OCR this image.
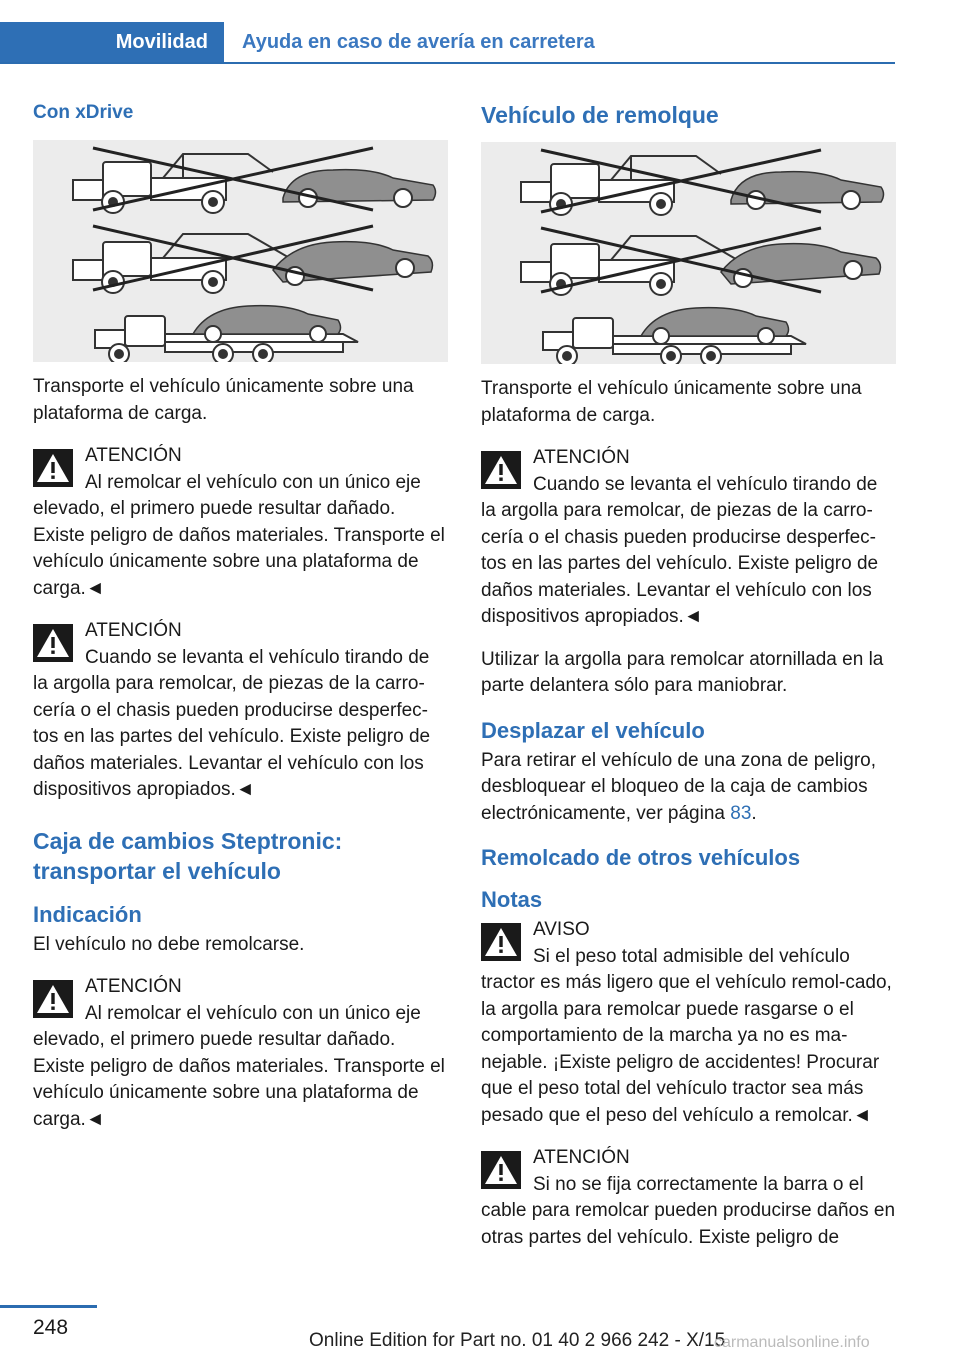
Movilidad	Ayuda en caso de avería en carretera
Con xDrive

Transporte el vehículo únicamente sobre una plataforma de carga.

ATENCIÓN
Al remolcar el vehículo con un único eje
elevado, el primero puede resultar dañado. Existe peligro de daños materiales. Transporte el vehículo únicamente sobre una plataforma de carga.◄
ATENCIÓN
Cuando se levanta el vehículo tirando de
la argolla para remolcar, de piezas de la carro-cería o el chasis pueden producirse desperfec-tos en las partes del vehículo. Existe peligro de daños materiales. Levantar el vehículo con los dispositivos apropiados.◄
Caja de cambios Steptronic: transportar el vehículo
Indicación

El vehículo no debe remolcarse.

ATENCIÓN
Al remolcar el vehículo con un único eje
elevado, el primero puede resultar dañado. Existe peligro de daños materiales. Transporte el vehículo únicamente sobre una plataforma de carga.◄
Vehículo de remolque

Transporte el vehículo únicamente sobre una plataforma de carga.

ATENCIÓN
Cuando se levanta el vehículo tirando de
la argolla para remolcar, de piezas de la carro-cería o el chasis pueden producirse desperfec-tos en las partes del vehículo. Existe peligro de daños materiales. Levantar el vehículo con los dispositivos apropiados.◄

Utilizar la argolla para remolcar atornillada en la parte delantera sólo para maniobrar.

Desplazar el vehículo

Para retirar el vehículo de una zona de peligro, desbloquear el bloqueo de la caja de cambios electrónicamente, ver página 83.

Remolcado de otros vehículos
Notas
AVISO
Si el peso total admisible del vehículo
tractor es más ligero que el vehículo remol-cado, la argolla para remolcar puede rasgarse o el comportamiento de la marcha ya no es ma-nejable. ¡Existe peligro de accidentes! Procurar que el peso total del vehículo tractor sea más pesado que el peso del vehículo a remolcar.◄
ATENCIÓN
Si no se fija correctamente la barra o el
cable para remolcar pueden producirse daños en otras partes del vehículo. Existe peligro de
248
Online Edition for Part no. 01 40 2 966 242 - X/15
carmanualsonline.info
